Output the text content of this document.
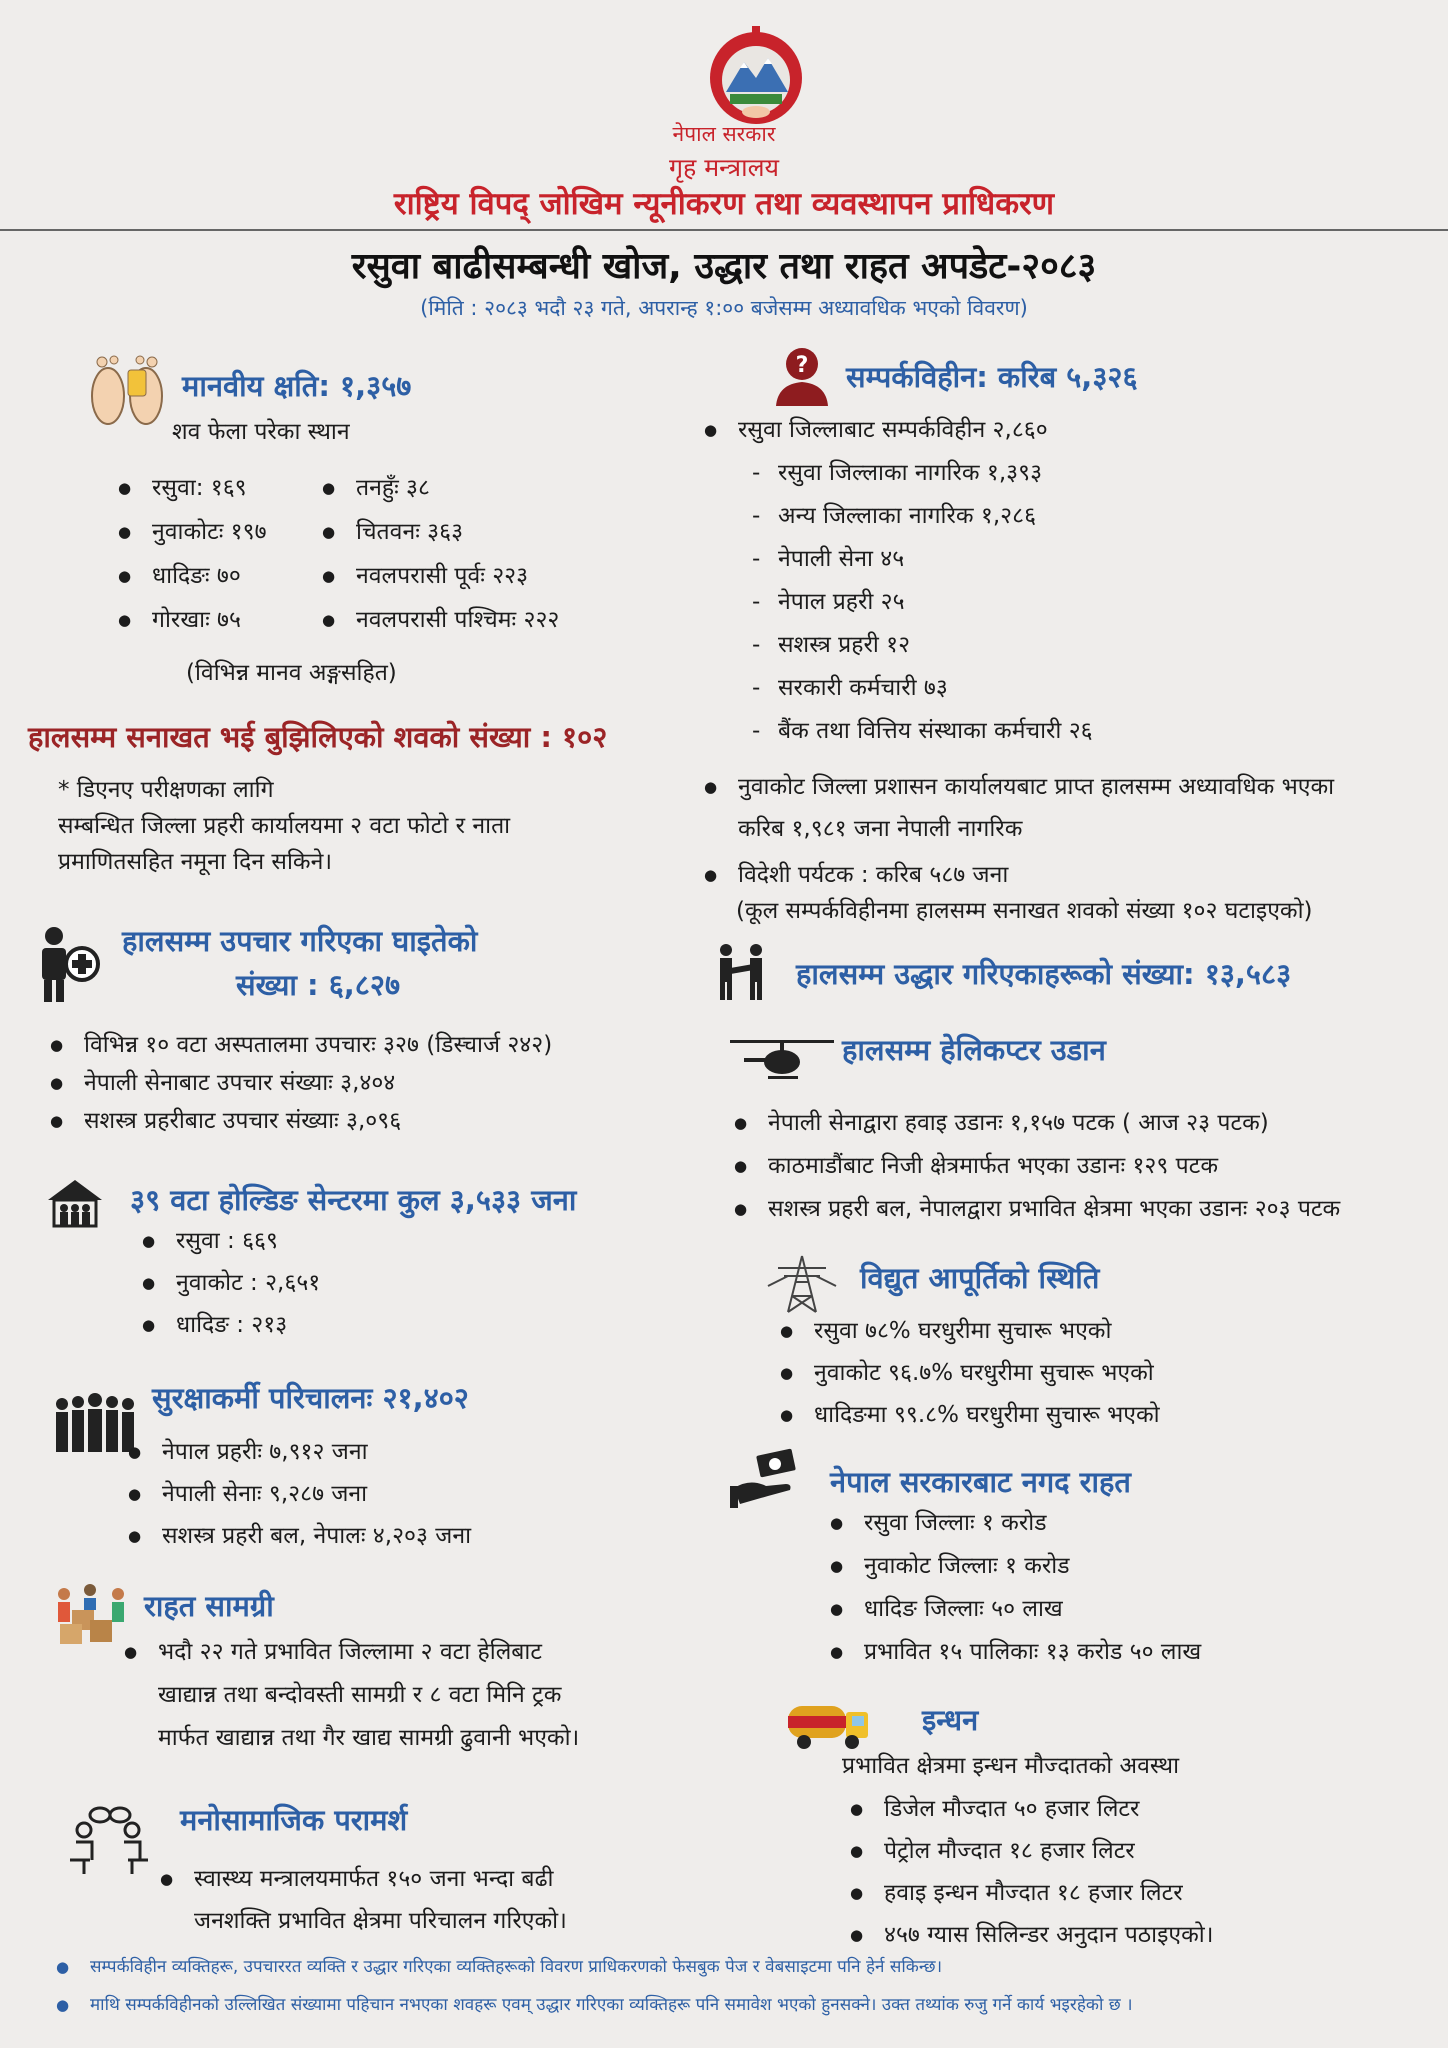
नेपाल सरकार
गृह मन्त्रालय
राष्ट्रिय विपद् जोखिम न्यूनीकरण तथा व्यवस्थापन प्राधिकरण
रसुवा बाढीसम्बन्धी खोज, उद्धार तथा राहत अपडेट-२०८३
(मिति : २०८३ भदौ २३ गते, अपरान्ह १:०० बजेसम्म अध्यावधिक भएको विवरण)
मानवीय क्षति: १,३५७
शव फेला परेका स्थान
● रसुवा: १६९
● नुवाकोटः १९७
● धादिङः ७०
● गोरखाः ७५
● तनहुँः ३८
● चितवनः ३६३
● नवलपरासी पूर्वः २२३
● नवलपरासी पश्चिमः २२२
(विभिन्न मानव अङ्गसहित)
हालसम्म सनाखत भई बुझिलिएको शवको संख्या : १०२
* डिएनए परीक्षणका लागि
सम्बन्धित जिल्ला प्रहरी कार्यालयमा २ वटा फोटो र नाता
प्रमाणितसहित नमूना दिन सकिने।
हालसम्म उपचार गरिएका घाइतेको
संख्या : ६,८२७
● विभिन्न १० वटा अस्पतालमा उपचारः ३२७ (डिस्चार्ज २४२)
● नेपाली सेनाबाट उपचार संख्याः ३,४०४
● सशस्त्र प्रहरीबाट उपचार संख्याः ३,०९६
३९ वटा होल्डिङ सेन्टरमा कुल ३,५३३ जना
● रसुवा : ६६९
● नुवाकोट : २,६५१
● धादिङ : २१३
सुरक्षाकर्मी परिचालनः २१,४०२
● नेपाल प्रहरीः ७,९१२ जना
● नेपाली सेनाः ९,२८७ जना
● सशस्त्र प्रहरी बल, नेपालः ४,२०३ जना
राहत सामग्री
● भदौ २२ गते प्रभावित जिल्लामा २ वटा हेलिबाट
खाद्यान्न तथा बन्दोवस्ती सामग्री र ८ वटा मिनि ट्रक
मार्फत खाद्यान्न तथा गैर खाद्य सामग्री ढुवानी भएको।
मनोसामाजिक परामर्श
● स्वास्थ्य मन्त्रालयमार्फत १५० जना भन्दा बढी
जनशक्ति प्रभावित क्षेत्रमा परिचालन गरिएको।
? सम्पर्कविहीन: करिब ५,३२६
● रसुवा जिल्लाबाट सम्पर्कविहीन २,८६०
- रसुवा जिल्लाका नागरिक १,३९३
- अन्य जिल्लाका नागरिक १,२८६
- नेपाली सेना ४५
- नेपाल प्रहरी २५
- सशस्त्र प्रहरी १२
- सरकारी कर्मचारी ७३
- बैंक तथा वित्तिय संस्थाका कर्मचारी २६
● नुवाकोट जिल्ला प्रशासन कार्यालयबाट प्राप्त हालसम्म अध्यावधिक भएका
करिब १,९८१ जना नेपाली नागरिक
● विदेशी पर्यटक : करिब ५८७ जना
(कूल सम्पर्कविहीनमा हालसम्म सनाखत शवको संख्या १०२ घटाइएको)
हालसम्म उद्धार गरिएकाहरूको संख्या: १३,५८३
हालसम्म हेलिकप्टर उडान
● नेपाली सेनाद्वारा हवाइ उडानः १,१५७ पटक ( आज २३ पटक)
● काठमाडौंबाट निजी क्षेत्रमार्फत भएका उडानः १२९ पटक
● सशस्त्र प्रहरी बल, नेपालद्वारा प्रभावित क्षेत्रमा भएका उडानः २०३ पटक
विद्युत आपूर्तिको स्थिति
● रसुवा ७८% घरधुरीमा सुचारू भएको
● नुवाकोट ९६.७% घरधुरीमा सुचारू भएको
● धादिङमा ९९.८% घरधुरीमा सुचारू भएको
नेपाल सरकारबाट नगद राहत
● रसुवा जिल्लाः १ करोड
● नुवाकोट जिल्लाः १ करोड
● धादिङ जिल्लाः ५० लाख
● प्रभावित १५ पालिकाः १३ करोड ५० लाख
इन्धन
प्रभावित क्षेत्रमा इन्धन मौज्दातको अवस्था
● डिजेल मौज्दात ५० हजार लिटर
● पेट्रोल मौज्दात १८ हजार लिटर
● हवाइ इन्धन मौज्दात १८ हजार लिटर
● ४५७ ग्यास सिलिन्डर अनुदान पठाइएको।
● सम्पर्कविहीन व्यक्तिहरू, उपचाररत व्यक्ति र उद्धार गरिएका व्यक्तिहरूको विवरण प्राधिकरणको फेसबुक पेज र वेबसाइटमा पनि हेर्न सकिन्छ।
● माथि सम्पर्कविहीनको उल्लिखित संख्यामा पहिचान नभएका शवहरू एवम् उद्धार गरिएका व्यक्तिहरू पनि समावेश भएको हुनसक्ने। उक्त तथ्यांक रुजु गर्ने कार्य भइरहेको छ ।
